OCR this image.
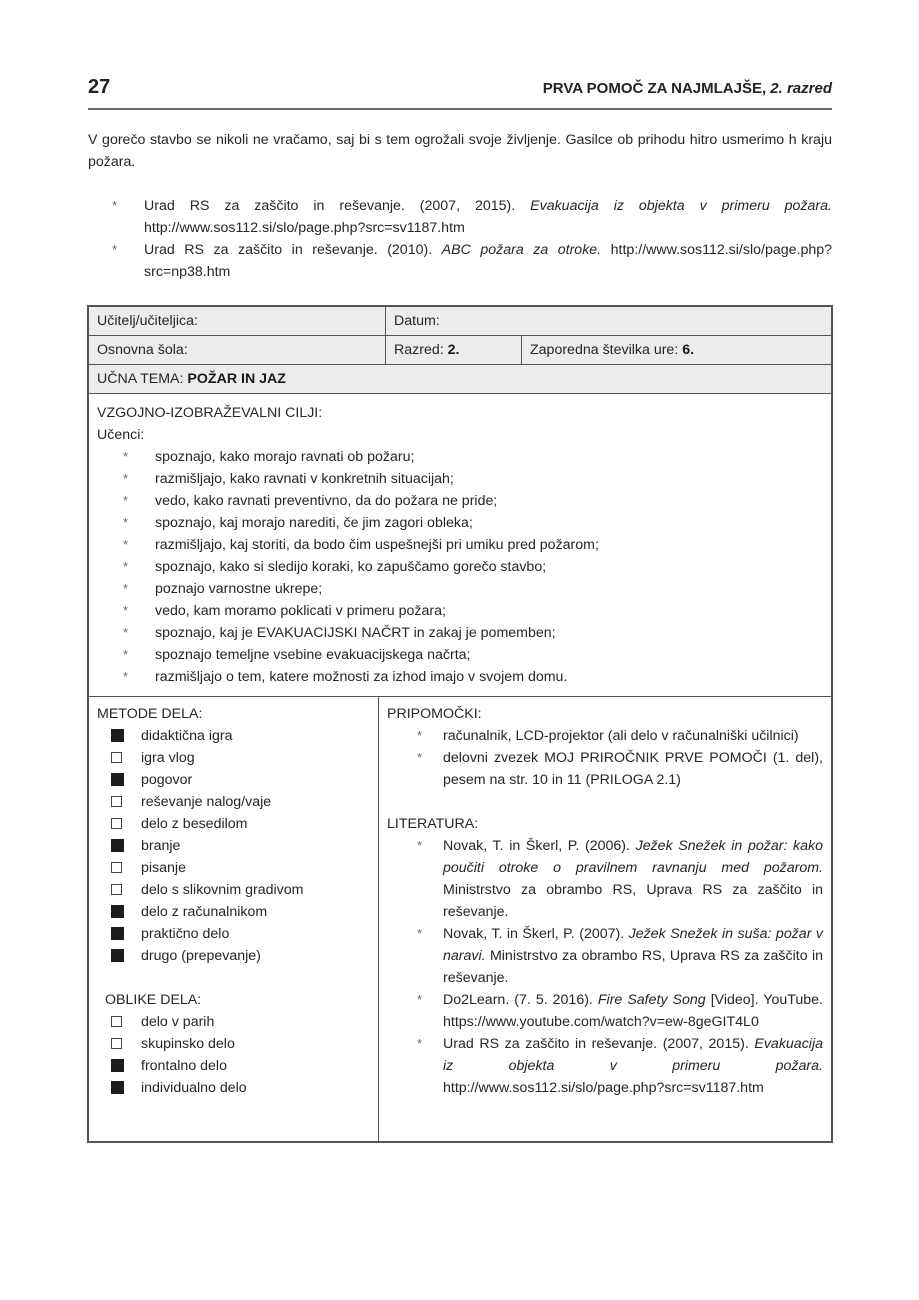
27	PRVA POMOČ ZA NAJMLAJŠE, 2. razred

V gorečo stavbo se nikoli ne vračamo, saj bi s tem ogrožali svoje življenje. Gasilce ob prihodu hitro usmerimo h kraju požara.

* Urad RS za zaščito in reševanje. (2007, 2015). Evakuacija iz objekta v primeru požara. http://www.sos112.si/slo/page.php?src=sv1187.htm
* Urad RS za zaščito in reševanje. (2010). ABC požara za otroke. http://www.sos112.si/slo/page.php?src=np38.htm
Učitelj/učiteljica:	Datum:
Osnovna šola:	Razred: 2.	Zaporedna številka ure: 6.
UČNA TEMA: POŽAR IN JAZ
VZGOJNO-IZOBRAŽEVALNI CILJI:
Učenci:
* spoznajo, kako morajo ravnati ob požaru;
* razmišljajo, kako ravnati v konkretnih situacijah;
* vedo, kako ravnati preventivno, da do požara ne pride;
* spoznajo, kaj morajo narediti, če jim zagori obleka;
* razmišljajo, kaj storiti, da bodo čim uspešnejši pri umiku pred požarom;
* spoznajo, kako si sledijo koraki, ko zapuščamo gorečo stavbo;
* poznajo varnostne ukrepe;
* vedo, kam moramo poklicati v primeru požara;
* spoznajo, kaj je EVAKUACIJSKI NAČRT in zakaj je pomemben;
* spoznajo temeljne vsebine evakuacijskega načrta;
* razmišljajo o tem, katere možnosti za izhod imajo v svojem domu.
METODE DELA:
didaktična igra
igra vlog
pogovor
reševanje nalog/vaje
delo z besedilom
branje
pisanje
delo s slikovnim gradivom
delo z računalnikom
praktično delo
drugo (prepevanje)
OBLIKE DELA:
delo v parih
skupinsko delo
frontalno delo
individualno delo
PRIPOMOČKI:
* računalnik, LCD-projektor (ali delo v računalniški učilnici)
* delovni zvezek MOJ PRIROČNIK PRVE POMOČI (1. del), pesem na str. 10 in 11 (PRILOGA 2.1)
LITERATURA:
* Novak, T. in Škerl, P. (2006). Ježek Snežek in požar: kako poučiti otroke o pravilnem ravnanju med požarom. Ministrstvo za obrambo RS, Uprava RS za zaščito in reševanje.
* Novak, T. in Škerl, P. (2007). Ježek Snežek in suša: požar v naravi. Ministrstvo za obrambo RS, Uprava RS za zaščito in reševanje.
* Do2Learn. (7. 5. 2016). Fire Safety Song [Video]. YouTube. https://www.youtube.com/watch?v=ew-8geGIT4L0
* Urad RS za zaščito in reševanje. (2007, 2015). Evakuacija iz objekta v primeru požara. http://www.sos112.si/slo/page.php?src=sv1187.htm
